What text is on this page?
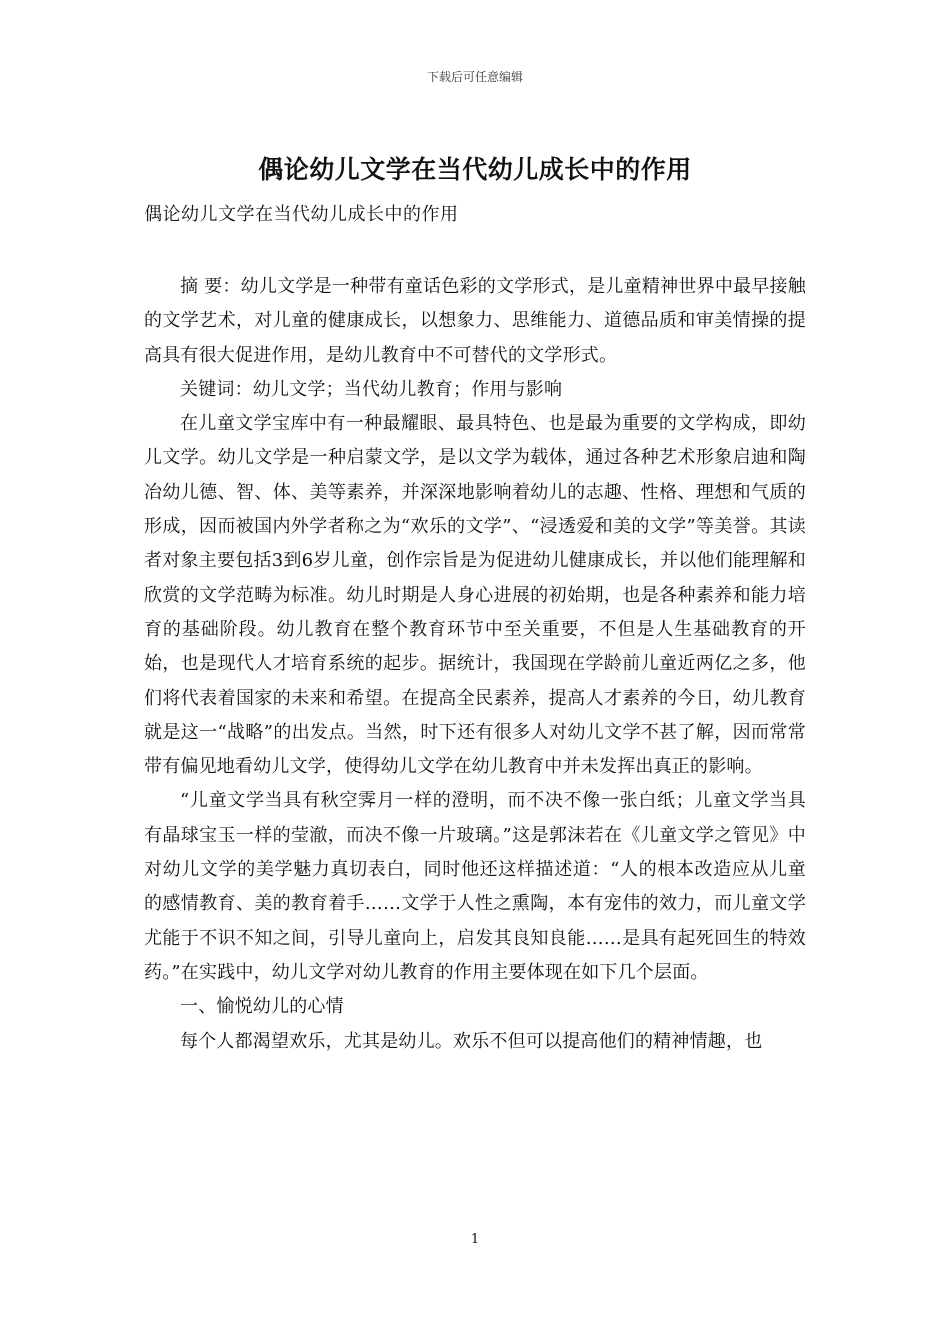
下载后可任意编辑
偶论幼儿文学在当代幼儿成长中的作用
偶论幼儿文学在当代幼儿成长中的作用

摘 要：幼儿文学是一种带有童话色彩的文学形式，是儿童精神世界中最早接触的文学艺术，对儿童的健康成长，以想象力、思维能力、道德品质和审美情操的提高具有很大促进作用，是幼儿教育中不可替代的文学形式。

关键词：幼儿文学；当代幼儿教育；作用与影响

在儿童文学宝库中有一种最耀眼、最具特色、也是最为重要的文学构成，即幼儿文学。幼儿文学是一种启蒙文学，是以文学为载体，通过各种艺术形象启迪和陶冶幼儿德、智、体、美等素养，并深深地影响着幼儿的志趣、性格、理想和气质的形成，因而被国内外学者称之为“欢乐的文学”、“浸透爱和美的文学”等美誉。其读者对象主要包括3到6岁儿童，创作宗旨是为促进幼儿健康成长，并以他们能理解和欣赏的文学范畴为标准。幼儿时期是人身心进展的初始期，也是各种素养和能力培育的基础阶段。幼儿教育在整个教育环节中至关重要，不但是人生基础教育的开始，也是现代人才培育系统的起步。据统计，我国现在学龄前儿童近两亿之多，他们将代表着国家的未来和希望。在提高全民素养，提高人才素养的今日，幼儿教育就是这一“战略”的出发点。当然，时下还有很多人对幼儿文学不甚了解，因而常常带有偏见地看幼儿文学，使得幼儿文学在幼儿教育中并未发挥出真正的影响。

“儿童文学当具有秋空霁月一样的澄明，而不决不像一张白纸；儿童文学当具有晶球宝玉一样的莹澈，而决不像一片玻璃。”这是郭沫若在《儿童文学之管见》中对幼儿文学的美学魅力真切表白，同时他还这样描述道：“人的根本改造应从儿童的感情教育、美的教育着手……文学于人性之熏陶，本有宠伟的效力，而儿童文学尤能于不识不知之间，引导儿童向上，启发其良知良能……是具有起死回生的特效药。”在实践中，幼儿文学对幼儿教育的作用主要体现在如下几个层面。

一、愉悦幼儿的心情

每个人都渴望欢乐，尤其是幼儿。欢乐不但可以提高他们的精神情趣，也

1
